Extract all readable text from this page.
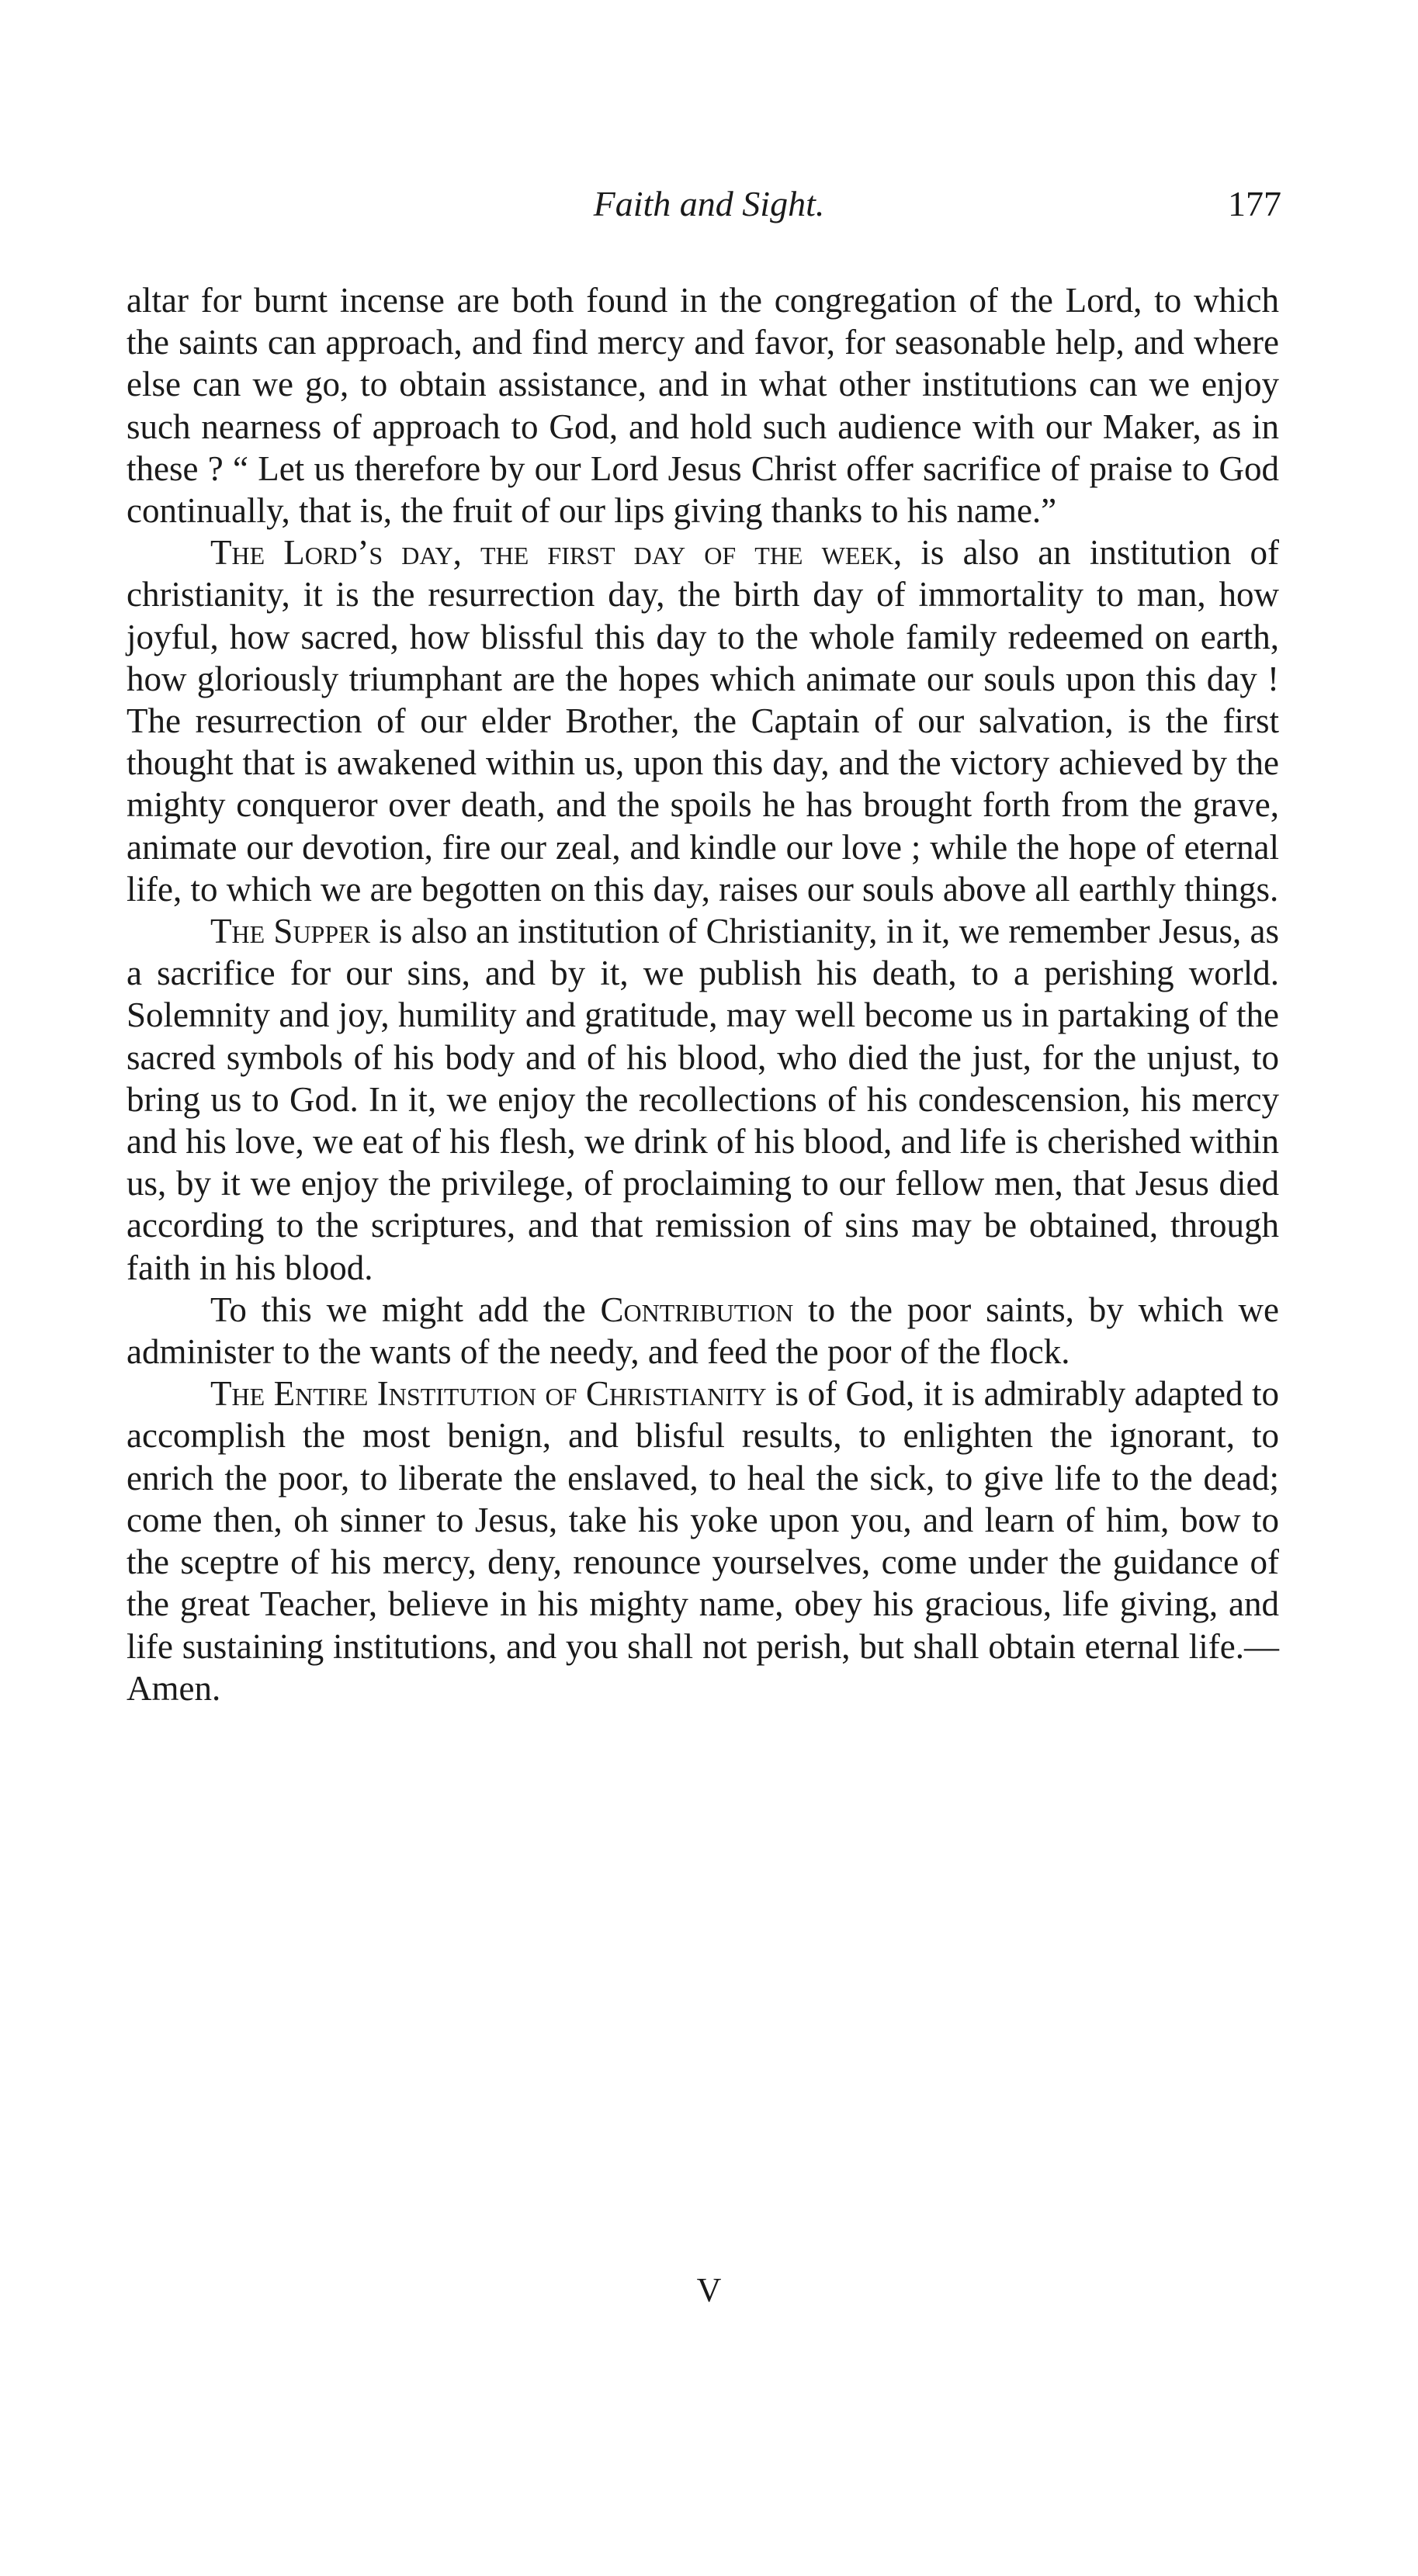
Faith and Sight.	177

altar for burnt incense are both found in the congregation of the Lord, to which the saints can approach, and find mercy and favor, for seasonable help, and where else can we go, to obtain assistance, and in what other institutions can we enjoy such nearness of approach to God, and hold such audience with our Maker, as in these ? “ Let us therefore by our Lord Jesus Christ offer sacrifice of praise to God continually, that is, the fruit of our lips giving thanks to his name.”

The Lord’s day, the first day of the week, is also an institution of christianity, it is the resurrection day, the birth day of immortality to man, how joyful, how sacred, how blissful this day to the whole family redeemed on earth, how gloriously triumphant are the hopes which animate our souls upon this day ! The resurrection of our elder Brother, the Captain of our salvation, is the first thought that is awakened within us, upon this day, and the victory achieved by the mighty conqueror over death, and the spoils he has brought forth from the grave, animate our devotion, fire our zeal, and kindle our love ; while the hope of eternal life, to which we are begotten on this day, raises our souls above all earthly things.

The Supper is also an institution of Christianity, in it, we remember Jesus, as a sacrifice for our sins, and by it, we publish his death, to a perishing world. Solemnity and joy, humility and gratitude, may well become us in partaking of the sacred symbols of his body and of his blood, who died the just, for the unjust, to bring us to God. In it, we enjoy the recollections of his condescension, his mercy and his love, we eat of his flesh, we drink of his blood, and life is cherished within us, by it we enjoy the privilege, of proclaiming to our fellow men, that Jesus died according to the scriptures, and that remission of sins may be obtained, through faith in his blood.

To this we might add the Contribution to the poor saints, by which we administer to the wants of the needy, and feed the poor of the flock.

The Entire Institution of Christianity is of God, it is admirably adapted to accomplish the most benign, and blisful results, to enlighten the ignorant, to enrich the poor, to liberate the enslaved, to heal the sick, to give life to the dead; come then, oh sinner to Jesus, take his yoke upon you, and learn of him, bow to the sceptre of his mercy, deny, renounce yourselves, come under the guidance of the great Teacher, believe in his mighty name, obey his gracious, life giving, and life sustaining institutions, and you shall not perish, but shall obtain eternal life.—Amen.

V
